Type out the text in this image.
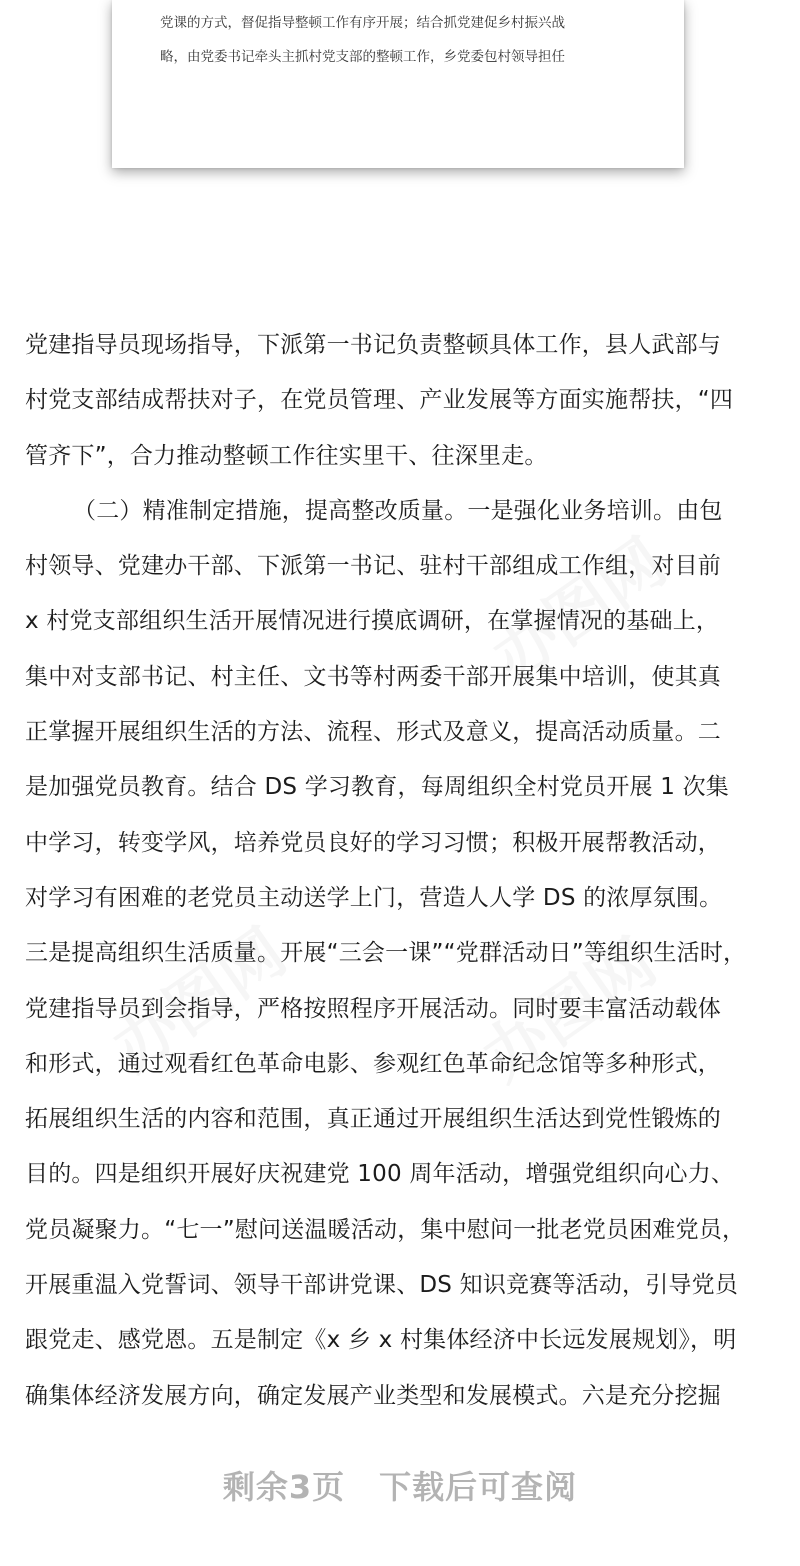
党课的方式，督促指导整顿工作有序开展；结合抓党建促乡村振兴战
略，由党委书记牵头主抓村党支部的整顿工作，乡党委包村领导担任
党建指导员现场指导，下派第一书记负责整顿具体工作，县人武部与
村党支部结成帮扶对子，在党员管理、产业发展等方面实施帮扶，“四
管齐下”，合力推动整顿工作往实里干、往深里走。
（二）精准制定措施，提高整改质量。一是强化业务培训。由包
村领导、党建办干部、下派第一书记、驻村干部组成工作组，对目前
x 村党支部组织生活开展情况进行摸底调研，在掌握情况的基础上，
集中对支部书记、村主任、文书等村两委干部开展集中培训，使其真
正掌握开展组织生活的方法、流程、形式及意义，提高活动质量。二
是加强党员教育。结合 DS 学习教育，每周组织全村党员开展 1 次集
中学习，转变学风，培养党员良好的学习习惯；积极开展帮教活动，
对学习有困难的老党员主动送学上门，营造人人学 DS 的浓厚氛围。
三是提高组织生活质量。开展“三会一课”“党群活动日”等组织生活时，
党建指导员到会指导，严格按照程序开展活动。同时要丰富活动载体
和形式，通过观看红色革命电影、参观红色革命纪念馆等多种形式，
拓展组织生活的内容和范围，真正通过开展组织生活达到党性锻炼的
目的。四是组织开展好庆祝建党 100 周年活动，增强党组织向心力、
党员凝聚力。“七一”慰问送温暖活动，集中慰问一批老党员困难党员，
开展重温入党誓词、领导干部讲党课、DS 知识竞赛等活动，引导党员
跟党走、感党恩。五是制定《x 乡 x 村集体经济中长远发展规划》，明
确集体经济发展方向，确定发展产业类型和发展模式。六是充分挖掘
剩余3页 下载后可查阅
